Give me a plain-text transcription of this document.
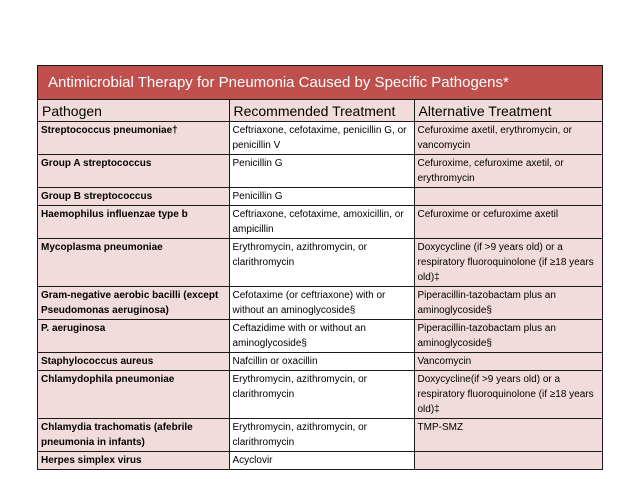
Antimicrobial Therapy for Pneumonia Caused by Specific Pathogens*
Pathogen	Recommended Treatment	Alternative Treatment
Streptococcus pneumoniae†	Ceftriaxone, cefotaxime, penicillin G, or penicillin V	Cefuroxime axetil, erythromycin, or vancomycin
Group A streptococcus	Penicillin G	Cefuroxime, cefuroxime axetil, or erythromycin
Group B streptococcus	Penicillin G	
Haemophilus influenzae type b	Ceftriaxone, cefotaxime, amoxicillin, or ampicillin	Cefuroxime or cefuroxime axetil
Mycoplasma pneumoniae	Erythromycin, azithromycin, or clarithromycin	Doxycycline (if >9 years old) or a respiratory fluoroquinolone (if ≥18 years old)‡
Gram-negative aerobic bacilli (except Pseudomonas aeruginosa)	Cefotaxime (or ceftriaxone) with or without an aminoglycoside§	Piperacillin-tazobactam plus an aminoglycoside§
P. aeruginosa	Ceftazidime with or without an aminoglycoside§	Piperacillin-tazobactam plus an aminoglycoside§
Staphylococcus aureus	Nafcillin or oxacillin	Vancomycin
Chlamydophila pneumoniae	Erythromycin, azithromycin, or clarithromycin	Doxycycline(if >9 years old) or a respiratory fluoroquinolone (if ≥18 years old)‡
Chlamydia trachomatis (afebrile pneumonia in infants)	Erythromycin, azithromycin, or clarithromycin	TMP-SMZ
Herpes simplex virus	Acyclovir	
